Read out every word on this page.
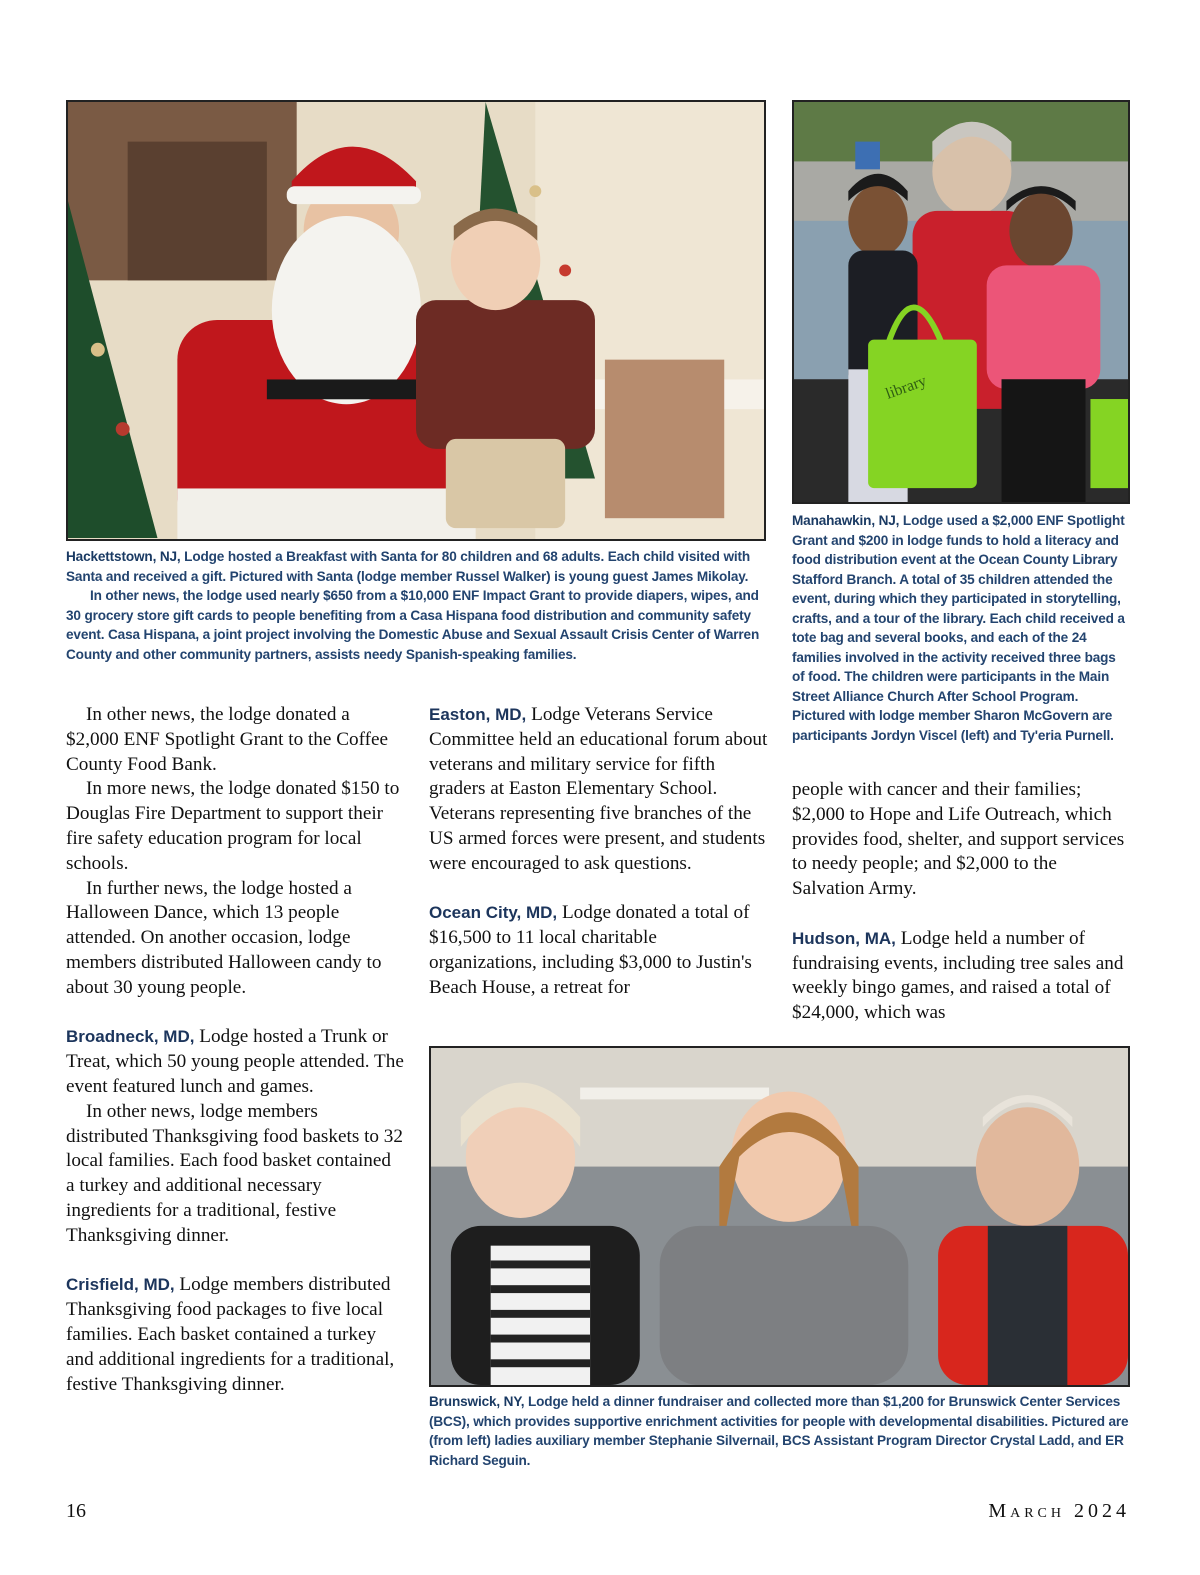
library

Hackettstown, NJ, Lodge hosted a Breakfast with Santa for 80 children and 68 adults. Each child visited with Santa and received a gift. Pictured with Santa (lodge member Russel Walker) is young guest James Mikolay.

In other news, the lodge used nearly $650 from a $10,000 ENF Impact Grant to provide diapers, wipes, and 30 grocery store gift cards to people benefiting from a Casa Hispana food distribution and community safety event. Casa Hispana, a joint project involving the Domestic Abuse and Sexual Assault Crisis Center of Warren County and other community partners, assists needy Spanish-speaking families.

Manahawkin, NJ, Lodge used a $2,000 ENF Spotlight Grant and $200 in lodge funds to hold a literacy and food distribution event at the Ocean County Library Stafford Branch. A total of 35 children attended the event, during which they participated in storytelling, crafts, and a tour of the library. Each child received a tote bag and several books, and each of the 24 families involved in the activity received three bags of food. The children were participants in the Main Street Alliance Church After School Program. Pictured with lodge member Sharon McGovern are participants Jordyn Viscel (left) and Ty'eria Purnell.

In other news, the lodge donated a $2,000 ENF Spotlight Grant to the Coffee County Food Bank.

In more news, the lodge donated $150 to Douglas Fire Department to support their fire safety education program for local schools.

In further news, the lodge hosted a Halloween Dance, which 13 people attended. On another occasion, lodge members distributed Halloween candy to about 30 young people.

Broadneck, MD, Lodge hosted a Trunk or Treat, which 50 young people attended. The event featured lunch and games.

In other news, lodge members distributed Thanksgiving food baskets to 32 local families. Each food basket contained a turkey and additional necessary ingredients for a traditional, festive Thanksgiving dinner.

Crisfield, MD, Lodge members distributed Thanksgiving food packages to five local families. Each basket contained a turkey and additional ingredients for a traditional, festive Thanksgiving dinner.

Easton, MD, Lodge Veterans Service Committee held an educational forum about veterans and military service for fifth graders at Easton Elementary School. Veterans representing five branches of the US armed forces were present, and students were encouraged to ask questions.

Ocean City, MD, Lodge donated a total of $16,500 to 11 local charitable organizations, including $3,000 to Justin's Beach House, a retreat for

people with cancer and their families; $2,000 to Hope and Life Outreach, which provides food, shelter, and support services to needy people; and $2,000 to the Salvation Army.

Hudson, MA, Lodge held a number of fundraising events, including tree sales and weekly bingo games, and raised a total of $24,000, which was

Brunswick, NY, Lodge held a dinner fundraiser and collected more than $1,200 for Brunswick Center Services (BCS), which provides supportive enrichment activities for people with developmental disabilities. Pictured are (from left) ladies auxiliary member Stephanie Silvernail, BCS Assistant Program Director Crystal Ladd, and ER Richard Seguin.

16	March 2024
